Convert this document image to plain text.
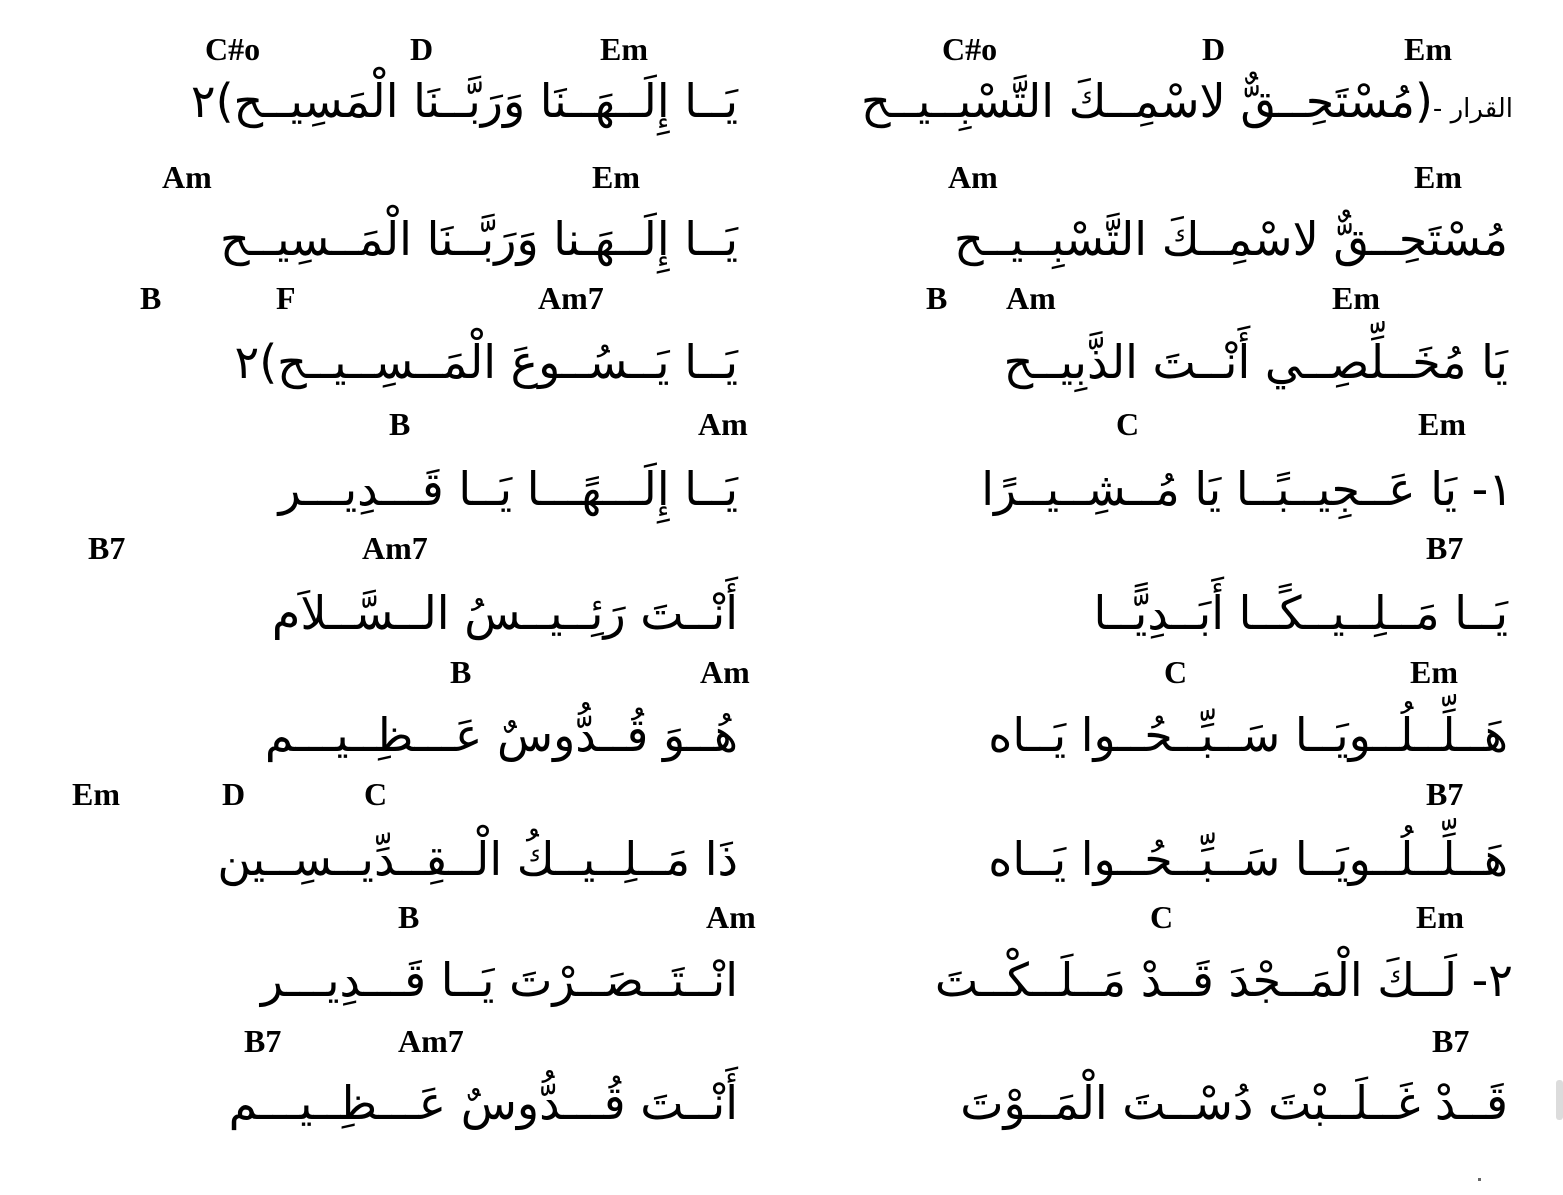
C#o	D	Em
يَــا إِلَــهَــنَا وَرَبَّــنَا الْمَسِيــح)٢
Am	Em
يَــا إِلَــهَـنا وَرَبَّــنَا الْمَــسِيــح
B	F	Am7
يَــا يَــسُــوعَ الْمَــسِــيــح)٢
B	Am
يَــا إِلَـــهًـــا يَــا قَـــدِيـــر
B7	Am7
أَنْــتَ رَئِــيــسُ الــسَّــلاَم
B	Am
هُــوَ قُــدُّوسٌ عَـــظِــيـــم
Em	D	C
ذَا مَــلِــيــكُ الْــقِــدِّيــسِــين
B	Am
انْــتَــصَــرْتَ يَــا قَـــدِيـــر
B7	Am7
أَنْــتَ قُـــدُّوسٌ عَـــظِــيـــم
C#o	D	Em
القرار -(مُسْتَحِــقٌّ لاسْمِــكَ التَّسْبِــيــح
Am	Em
مُسْتَحِــقٌّ لاسْمِــكَ التَّسْبِــيــح
B Am	Em
يَا مُخَــلِّصِــي أَنْــتَ الذَّبِيــح
C	Em
١- يَا عَــجِيــبًــا يَا مُــشِــيــرًا
B7
يَــا مَــلِــيــكًــا أَبَــدِيًّــا
C	Em
هَــلِّــلُــويَــا سَــبِّــحُــوا يَــاه
B7
هَــلِّــلُــويَــا سَــبِّــحُــوا يَــاه
C	Em
٢- لَــكَ الْمَــجْدَ قَــدْ مَــلَــكْــتَ
B7
قَــدْ غَــلَــبْتَ دُسْــتَ الْمَــوْتَ
